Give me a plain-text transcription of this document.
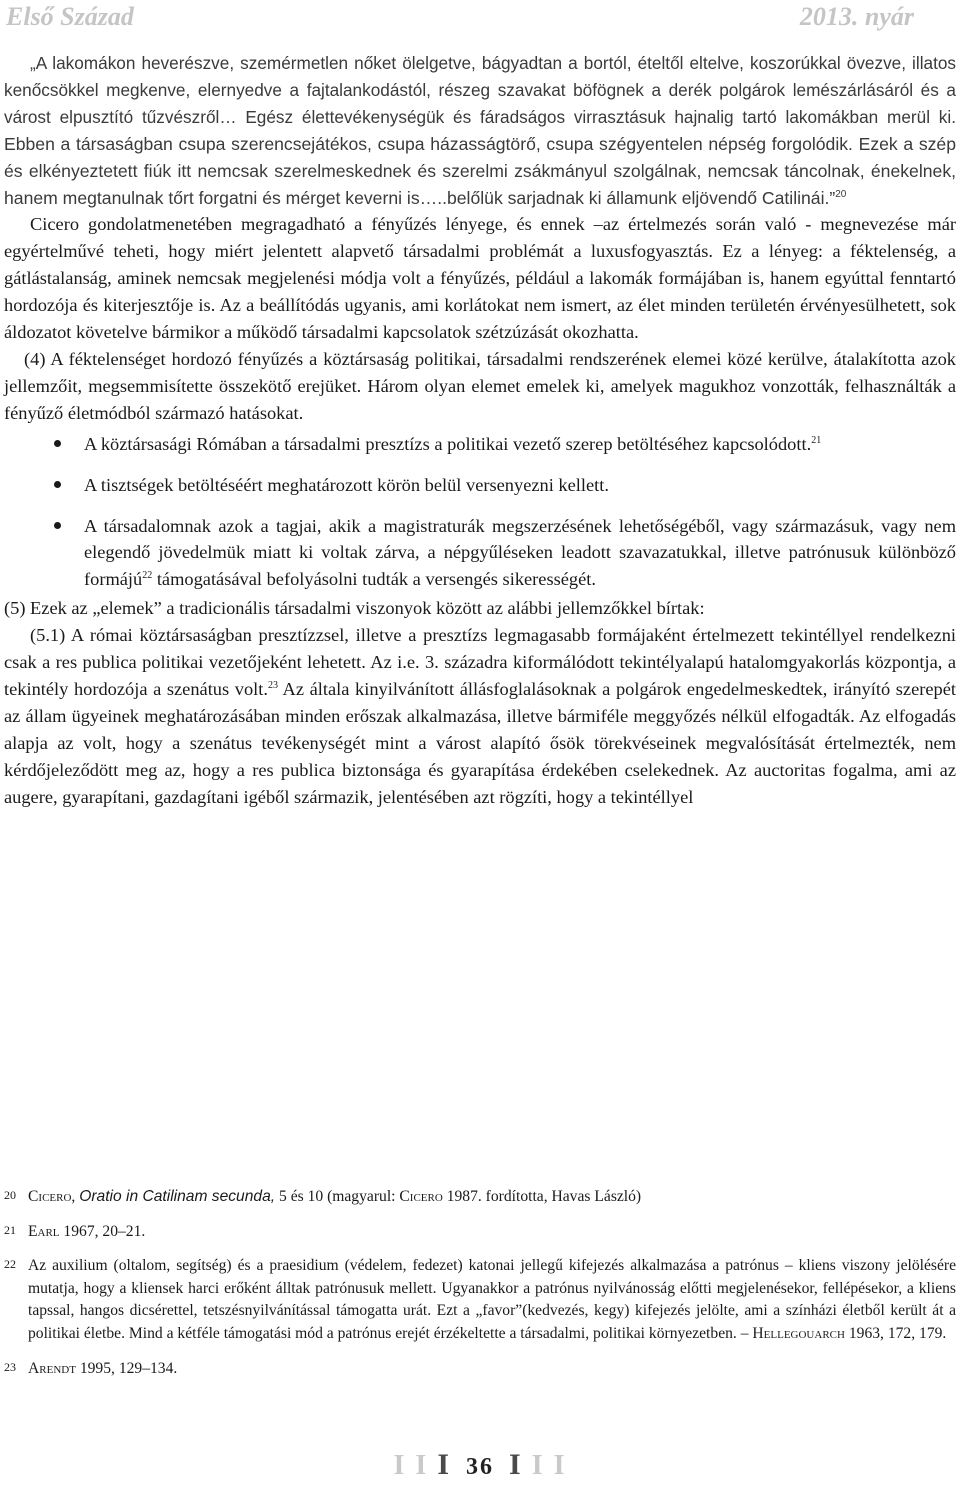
Első Század	2013. nyár

„A lakomákon heverészve, szemérmetlen nőket ölelgetve, bágyadtan a bortól, ételtől eltelve, koszorúkkal övezve, illatos kenőcsökkel megkenve, elernyedve a fajtalankodástól, részeg szavakat böfögnek a derék polgárok lemészárlásáról és a várost elpusztító tűzvészről… Egész élettevékenységük és fáradságos virrasztásuk hajnalig tartó lakomákban merül ki. Ebben a társaságban csupa szerencsejátékos, csupa házasságtörő, csupa szégyentelen népség forgolódik. Ezek a szép és elkényeztetett fiúk itt nemcsak szerelmeskednek és szerelmi zsákmányul szolgálnak, nemcsak táncolnak, énekelnek, hanem megtanulnak tőrt forgatni és mérget keverni is…..belőlük sarjadnak ki államunk eljövendő Catilinái.”$^{20}$

Cicero gondolatmenetében megragadható a fényűzés lényege, és ennek ‒az értelmezés során való - megnevezése már egyértelművé teheti, hogy miért jelentett alapvető társadalmi problémát a luxusfogyasztás. Ez a lényeg: a féktelenség, a gátlástalanság, aminek nemcsak megjelenési módja volt a fényűzés, például a lakomák formájában is, hanem egyúttal fenntartó hordozója és kiterjesztője is. Az a beállítódás ugyanis, ami korlátokat nem ismert, az élet minden területén érvényesülhetett, sok áldozatot követelve bármikor a működő társadalmi kapcsolatok szétzúzását okozhatta.

(4) A féktelenséget hordozó fényűzés a köztársaság politikai, társadalmi rendszerének elemei közé kerülve, átalakította azok jellemzőit, megsemmisítette összekötő erejüket. Három olyan elemet emelek ki, amelyek magukhoz vonzották, felhasználták a fényűző életmódból származó hatásokat.

A köztársasági Rómában a társadalmi presztízs a politikai vezető szerep betöltéséhez kapcsolódott.$^{21}$
A tisztségek betöltéséért meghatározott körön belül versenyezni kellett.
A társadalomnak azok a tagjai, akik a magistraturák megszerzésének lehetőségéből, vagy származásuk, vagy nem elegendő jövedelmük miatt ki voltak zárva, a népgyűléseken leadott szavazatukkal, illetve patrónusuk különböző formájú$^{22}$ támogatásával befolyásolni tudták a versengés sikerességét.

(5) Ezek az „elemek” a tradicionális társadalmi viszonyok között az alábbi jellemzőkkel bírtak:

(5.1) A római köztársaságban presztízzsel, illetve a presztízs legmagasabb formájaként értelmezett tekintéllyel rendelkezni csak a res publica politikai vezetőjeként lehetett. Az i.e. 3. századra kiformálódott tekintélyalapú hatalomgyakorlás központja, a tekintély hordozója a szenátus volt.$^{23}$ Az általa kinyilvánított állásfoglalásoknak a polgárok engedelmeskedtek, irányító szerepét az állam ügyeinek meghatározásában minden erőszak alkalmazása, illetve bármiféle meggyőzés nélkül elfogadták. Az elfogadás alapja az volt, hogy a szenátus tevékenységét mint a várost alapító ősök törekvéseinek megvalósítását értelmezték, nem kérdőjeleződött meg az, hogy a res publica biztonsága és gyarapítása érdekében cselekednek. Az auctoritas fogalma, ami az augere, gyarapítani, gazdagítani igéből származik, jelentésében azt rögzíti, hogy a tekintéllyel

20 Cicero, Oratio in Catilinam secunda, 5 és 10 (magyarul: Cicero 1987. fordította, Havas László)
21 Earl 1967, 20–21.
22 Az auxilium (oltalom, segítség) és a praesidium (védelem, fedezet) katonai jellegű kifejezés alkalmazása a patrónus – kliens viszony jelölésére mutatja, hogy a kliensek harci erőként álltak patrónusuk mellett. Ugyanakkor a patrónus nyilvánosság előtti megjelenésekor, fellépésekor, a kliens tapssal, hangos dicsérettel, tetszésnyilvánítással támogatta urát. Ezt a „favor”(kedvezés, kegy) kifejezés jelölte, ami a színházi életből került át a politikai életbe. Mind a kétféle támogatási mód a patrónus erejét érzékeltette a társadalmi, politikai környezetben. – Hellegouarch 1963, 172, 179.
23 Arendt 1995, 129–134.
I I I 36 I I I
